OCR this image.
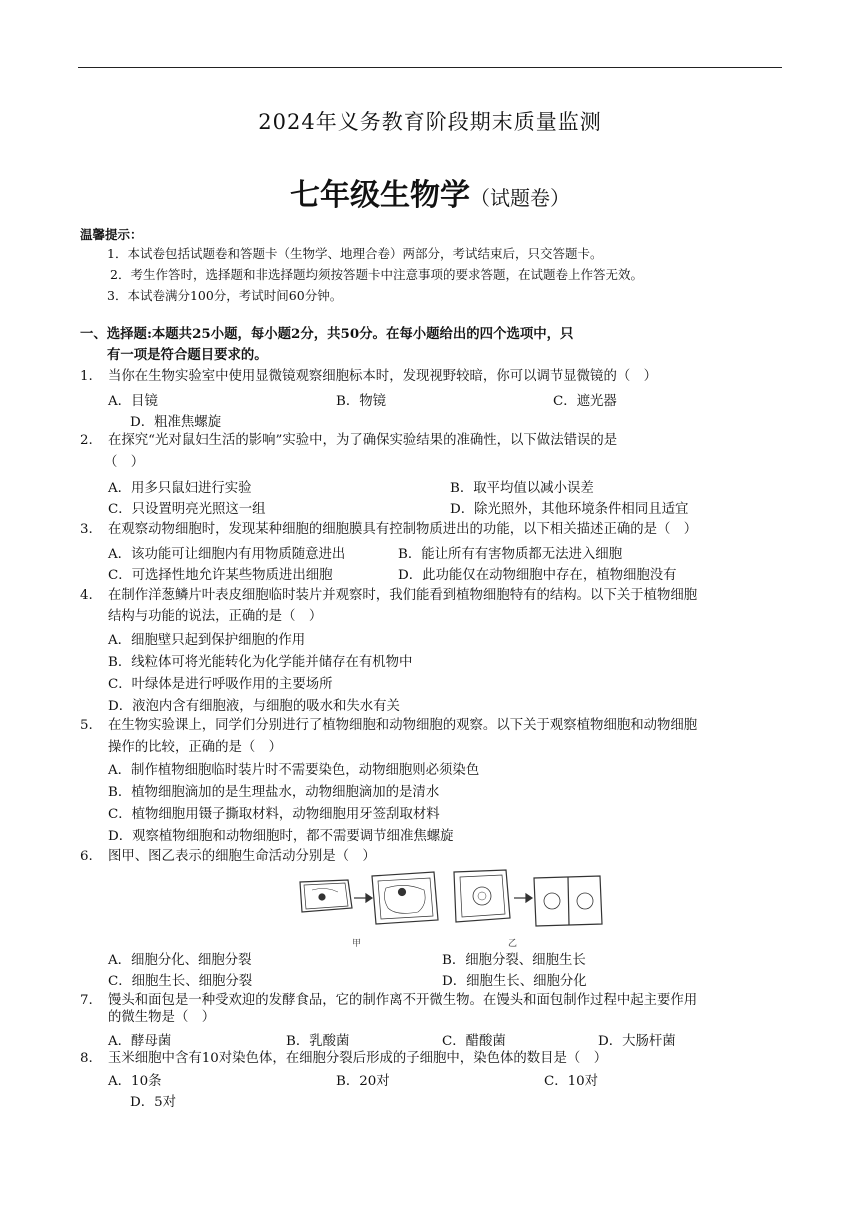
2024年义务教育阶段期末质量监测
七年级生物学（试题卷）
温馨提示：
1．本试卷包括试题卷和答题卡（生物学、地理合卷）两部分，考试结束后，只交答题卡。
2．考生作答时，选择题和非选择题均须按答题卡中注意事项的要求答题，在试题卷上作答无效。
3．本试卷满分100分，考试时间60分钟。
一、选择题:本题共25小题，每小题2分，共50分。在每小题给出的四个选项中，只
有一项是符合题目要求的。
1. 当你在生物实验室中使用显微镜观察细胞标本时，发现视野较暗，你可以调节显微镜的（　）
A．目镜	B．物镜	C．遮光器
D．粗准焦螺旋
2. 在探究“光对鼠妇生活的影响”实验中，为了确保实验结果的准确性，以下做法错误的是
（　）
A．用多只鼠妇进行实验	B．取平均值以减小误差
C．只设置明亮光照这一组	D．除光照外，其他环境条件相同且适宜
3. 在观察动物细胞时，发现某种细胞的细胞膜具有控制物质进出的功能，以下相关描述正确的是（　）
A．该功能可让细胞内有用物质随意进出	B．能让所有有害物质都无法进入细胞
C．可选择性地允许某些物质进出细胞	D．此功能仅在动物细胞中存在，植物细胞没有
4. 在制作洋葱鳞片叶表皮细胞临时装片并观察时，我们能看到植物细胞特有的结构。以下关于植物细胞
结构与功能的说法，正确的是（　）
A．细胞壁只起到保护细胞的作用
B．线粒体可将光能转化为化学能并储存在有机物中
C．叶绿体是进行呼吸作用的主要场所
D．液泡内含有细胞液，与细胞的吸水和失水有关
5. 在生物实验课上，同学们分别进行了植物细胞和动物细胞的观察。以下关于观察植物细胞和动物细胞
操作的比较，正确的是（　）
A．制作植物细胞临时装片时不需要染色，动物细胞则必须染色
B．植物细胞滴加的是生理盐水，动物细胞滴加的是清水
C．植物细胞用镊子撕取材料，动物细胞用牙签刮取材料
D．观察植物细胞和动物细胞时，都不需要调节细准焦螺旋
6. 图甲、图乙表示的细胞生命活动分别是（　）
甲	乙
A．细胞分化、细胞分裂	B．细胞分裂、细胞生长
C．细胞生长、细胞分裂	D．细胞生长、细胞分化
7. 馒头和面包是一种受欢迎的发酵食品，它的制作离不开微生物。在馒头和面包制作过程中起主要作用
的微生物是（　）
A．酵母菌	B．乳酸菌	C．醋酸菌	D．大肠杆菌
8. 玉米细胞中含有10对染色体，在细胞分裂后形成的子细胞中，染色体的数目是（　）
A．10条	B．20对	C．10对
D．5对
